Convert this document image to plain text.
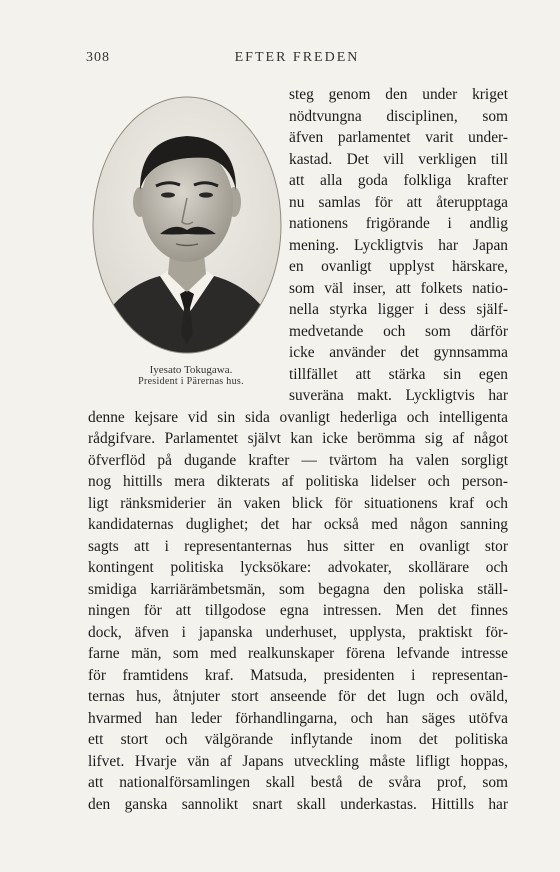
308	EFTER FREDEN
Iyesato Tokugawa.
President i Pärernas hus.
steg genom den under kriget
nödtvungna disciplinen, som
äfven parlamentet varit under-
kastad. Det vill verkligen till
att alla goda folkliga krafter
nu samlas för att återupptaga
nationens frigörande i andlig
mening. Lyckligtvis har Japan
en ovanligt upplyst härskare,
som väl inser, att folkets natio-
nella styrka ligger i dess själf-
medvetande och som därför
icke använder det gynnsamma
tillfället att stärka sin egen
suveräna makt. Lyckligtvis har
denne kejsare vid sin sida ovanligt hederliga och intelligenta
rådgifvare. Parlamentet självt kan icke berömma sig af något
öfverflöd på dugande krafter — tvärtom ha valen sorgligt
nog hittills mera dikterats af politiska lidelser och person-
ligt ränksmiderier än vaken blick för situationens kraf och
kandidaternas duglighet; det har också med någon sanning
sagts att i representanternas hus sitter en ovanligt stor
kontingent politiska lycksökare: advokater, skollärare och
smidiga karriärämbetsmän, som begagna den poliska ställ-
ningen för att tillgodose egna intressen. Men det finnes
dock, äfven i japanska underhuset, upplysta, praktiskt för-
farne män, som med realkunskaper förena lefvande intresse
för framtidens kraf. Matsuda, presidenten i representan-
ternas hus, åtnjuter stort anseende för det lugn och oväld,
hvarmed han leder förhandlingarna, och han säges utöfva
ett stort och välgörande inflytande inom det politiska
lifvet. Hvarje vän af Japans utveckling måste lifligt hoppas,
att nationalförsamlingen skall bestå de svåra prof, som
den ganska sannolikt snart skall underkastas. Hittills har
